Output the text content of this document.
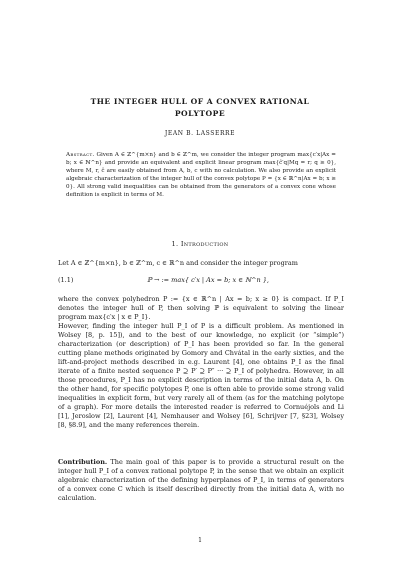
THE INTEGER HULL OF A CONVEX RATIONAL
POLYTOPE
JEAN B. LASSERRE
Abstract. Given A ∈ ℤ^{m×n} and b ∈ ℤ^m, we consider the integer program max{c′x|Ax = b; x ∈ ℕ^n} and provide an equivalent and explicit linear program max{ĉ′q|Mq = r; q ≥ 0}, where M, r, ĉ are easily obtained from A, b, c with no calculation. We also provide an explicit algebraic characterization of the integer hull of the convex polytope P = {x ∈ ℝ^n|Ax = b; x ≥ 0}. All strong valid inequalities can be obtained from the generators of a convex cone whose definition is explicit in terms of M.
1. Introduction
Let A ∈ ℤ^{m×n}, b ∈ ℤ^m, c ∈ ℝ^n and consider the integer program
(1.1)	ℙ → := max{ c′x | Ax = b; x ∈ ℕ^n },
where the convex polyhedron P := {x ∈ ℝ^n | Ax = b; x ≥ 0} is compact. If P_I denotes the integer hull of P, then solving ℙ is equivalent to solving the linear program max{c′x | x ∈ P_I}.
However, finding the integer hull P_I of P is a difficult problem. As mentioned in Wolsey [8, p. 15]), and to the best of our knowledge, no explicit (or “simple”) characterization (or description) of P_I has been provided so far. In the general cutting plane methods originated by Gomory and Chvátal in the early sixties, and the lift-and-project methods described in e.g. Laurent [4], one obtains P_I as the final iterate of a finite nested sequence P ⊇ P′ ⊇ P″ ··· ⊇ P_I of polyhedra. However, in all those procedures, P_I has no explicit description in terms of the initial data A, b. On the other hand, for specific polytopes P, one is often able to provide some strong valid inequalities in explicit form, but very rarely all of them (as for the matching polytope of a graph). For more details the interested reader is referred to Cornuéjols and Li [1], Jeroslow [2], Laurent [4], Nemhauser and Wolsey [6], Schrijver [7, §23], Wolsey [8, §8.9], and the many references therein.
Contribution. The main goal of this paper is to provide a structural result on the integer hull P_I of a convex rational polytope P, in the sense that we obtain an explicit algebraic characterization of the defining hyperplanes of P_I, in terms of generators of a convex cone C which is itself described directly from the initial data A, with no calculation.
1
